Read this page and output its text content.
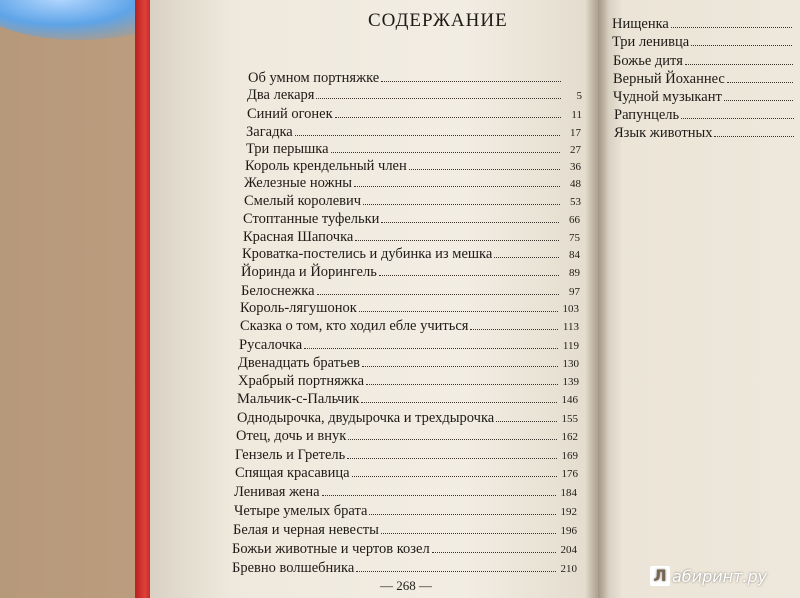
СОДЕРЖАНИЕ
Об умном портняжке
Два лекаря	5
Синий огонек	11
Загадка	17
Три перышка	27
Король крендельный член	36
Железные ножны	48
Смелый королевич	53
Стоптанные туфельки	66
Красная Шапочка	75
Кроватка-постелись и дубинка из мешка	84
Йоринда и Йорингель	89
Белоснежка	97
Король-лягушонок	103
Сказка о том, кто ходил ебле учиться	113
Русалочка	119
Двенадцать братьев	130
Храбрый портняжка	139
Мальчик-с-Пальчик	146
Однодырочка, двудырочка и трехдырочка	155
Отец, дочь и внук	162
Гензель и Гретель	169
Спящая красавица	176
Ленивая жена	184
Четыре умелых брата	192
Белая и черная невесты	196
Божьи животные и чертов козел	204
Бревно волшебника	210
Нищенка
Три ленивца
Божье дитя
Верный Йоханнес
Чудной музыкант
Рапунцель
Язык животных
— 268 —
Л абиринт.ру
